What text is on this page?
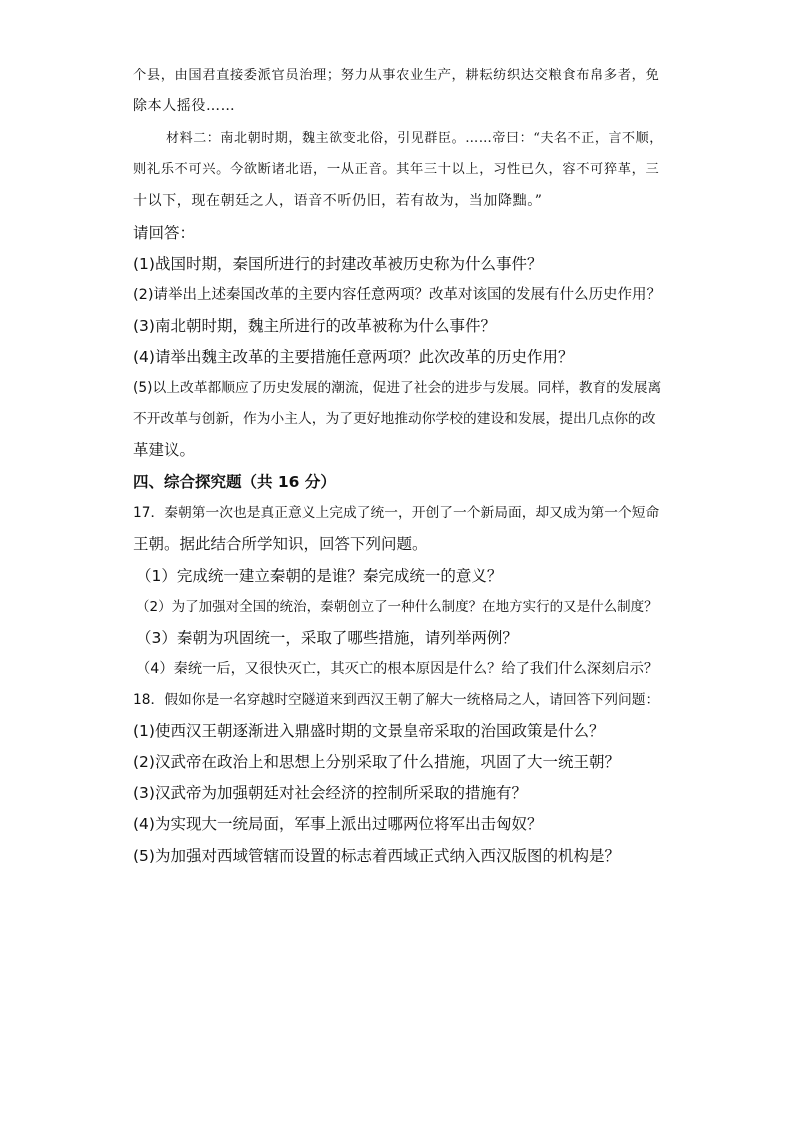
个县，由国君直接委派官员治理；努力从事农业生产，耕耘纺织达交粮食布帛多者，免
除本人摇役……
材料二：南北朝时期，魏主欲变北俗，引见群臣。……帝曰：“夫名不正，言不顺，
则礼乐不可兴。今欲断诸北语，一从正音。其年三十以上，习性已久，容不可猝革，三
十以下，现在朝廷之人，语音不听仍旧，若有故为，当加降黜。”
请回答：
(1)战国时期，秦国所进行的封建改革被历史称为什么事件？
(2)请举出上述秦国改革的主要内容任意两项？改革对该国的发展有什么历史作用？
(3)南北朝时期，魏主所进行的改革被称为什么事件？
(4)请举出魏主改革的主要措施任意两项？此次改革的历史作用？
(5)以上改革都顺应了历史发展的潮流，促进了社会的进步与发展。同样，教育的发展离
不开改革与创新，作为小主人，为了更好地推动你学校的建设和发展，提出几点你的改
革建议。
四、综合探究题（共 16 分）
17．秦朝第一次也是真正意义上完成了统一，开创了一个新局面，却又成为第一个短命
王朝。据此结合所学知识，回答下列问题。
（1）完成统一建立秦朝的是谁？秦完成统一的意义？
（2）为了加强对全国的统治，秦朝创立了一种什么制度？在地方实行的又是什么制度？
（3）秦朝为巩固统一，采取了哪些措施，请列举两例？
（4）秦统一后，又很快灭亡，其灭亡的根本原因是什么？给了我们什么深刻启示？
18．假如你是一名穿越时空隧道来到西汉王朝了解大一统格局之人，请回答下列问题：
(1)使西汉王朝逐渐进入鼎盛时期的文景皇帝采取的治国政策是什么？
(2)汉武帝在政治上和思想上分别采取了什么措施，巩固了大一统王朝？
(3)汉武帝为加强朝廷对社会经济的控制所采取的措施有？
(4)为实现大一统局面，军事上派出过哪两位将军出击匈奴？
(5)为加强对西域管辖而设置的标志着西域正式纳入西汉版图的机构是？
